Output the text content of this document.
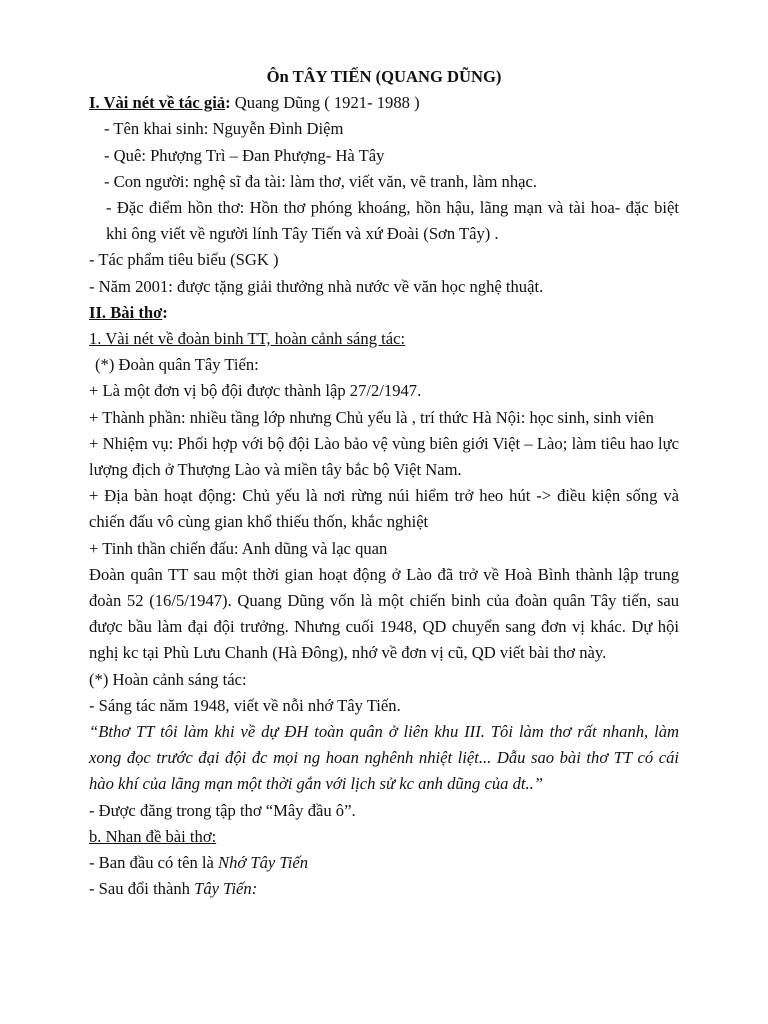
Ôn TÂY TIẾN (QUANG DŨNG)

I. Vài nét về tác giả: Quang Dũng ( 1921- 1988 )

- Tên khai sinh: Nguyễn Đình Diệm

- Quê: Phượng Trì – Đan Phượng- Hà Tây

- Con người: nghệ sĩ đa tài: làm thơ, viết văn, vẽ tranh, làm nhạc.

- Đặc điểm hồn thơ: Hồn thơ phóng khoáng, hồn hậu, lãng mạn và tài hoa- đặc biệt khi ông viết về người lính Tây Tiến và xứ Đoài (Sơn Tây) .

- Tác phẩm tiêu biểu (SGK )

- Năm 2001: được tặng giải thưởng nhà nước về văn học nghệ thuật.

II. Bài thơ:

1. Vài nét về đoàn binh TT, hoàn cảnh sáng tác:

(*) Đoàn quân Tây Tiến:

+ Là một đơn vị bộ đội được thành lập 27/2/1947.

+ Thành phần: nhiều tầng lớp nhưng Chủ yếu là , trí thức Hà Nội: học sinh, sinh viên

+ Nhiệm vụ: Phối hợp với bộ đội Lào bảo vệ vùng biên giới Việt – Lào; làm tiêu hao lực lượng địch ở Thượng Lào và miền tây bắc bộ Việt Nam.

+ Địa bàn hoạt động: Chủ yếu là nơi rừng núi hiểm trở heo hút -> điều kiện sống và chiến đấu vô cùng gian khổ thiếu thốn, khắc nghiệt

+ Tinh thần chiến đấu: Anh dũng và lạc quan

Đoàn quân TT sau một thời gian hoạt động ở Lào đã trở về Hoà Bình thành lập trung đoàn 52 (16/5/1947). Quang Dũng vốn là một chiến binh của đoàn quân Tây tiến, sau được bầu làm đại đội trưởng. Nhưng cuối 1948, QD chuyển sang đơn vị khác. Dự hội nghị kc tại Phù Lưu Chanh (Hà Đông), nhớ về đơn vị cũ, QD viết bài thơ này.

(*) Hoàn cảnh sáng tác:

- Sáng tác năm 1948, viết về nỗi nhớ Tây Tiến.

“Bthơ TT tôi làm khi về dự ĐH toàn quân ở liên khu III. Tôi làm thơ rất nhanh, làm xong đọc trước đại đội đc mọi ng hoan nghênh nhiệt liệt... Dẫu sao bài thơ TT có cái hào khí của lãng mạn một thời gắn với lịch sử kc anh dũng của dt..”

- Được đăng trong tập thơ “Mây đầu ô”.

b. Nhan đề bài thơ:

- Ban đầu có tên là Nhớ Tây Tiến

- Sau đổi thành Tây Tiến:
